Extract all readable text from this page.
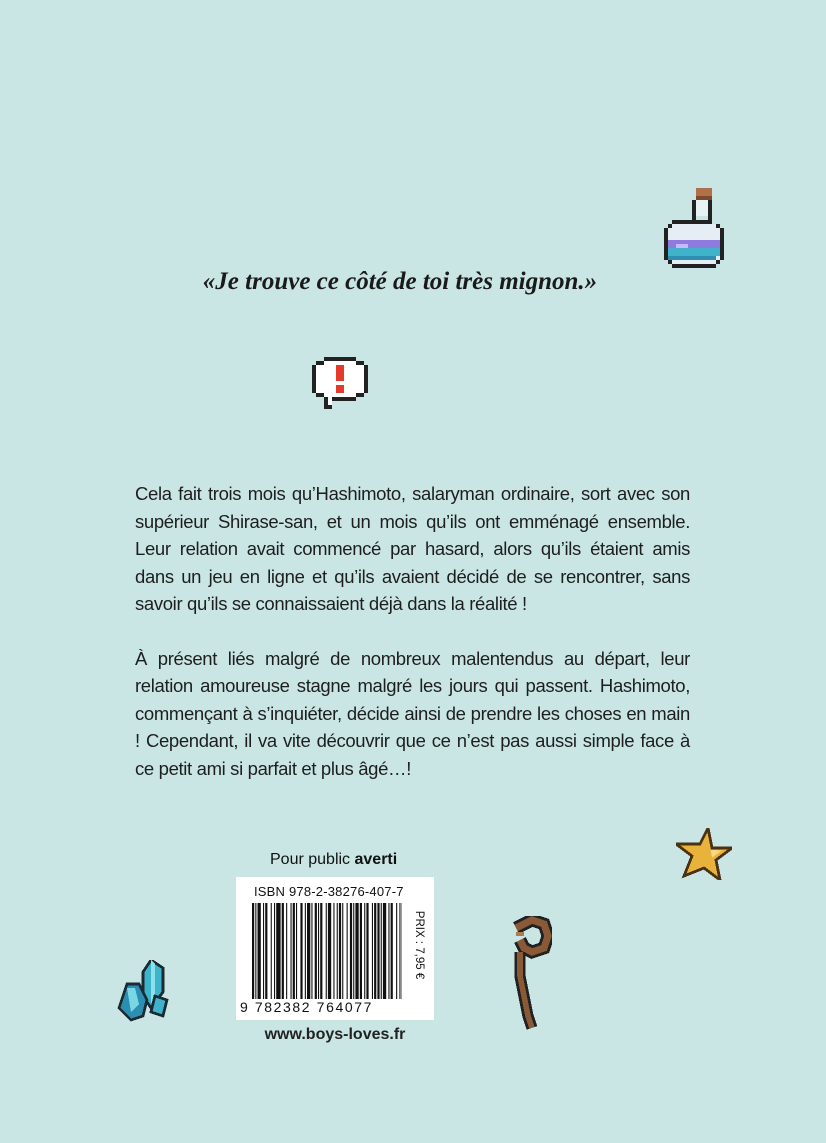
«Je trouve ce côté de toi très mignon.»

Cela fait trois mois qu’Hashimoto, salaryman ordinaire, sort avec son supérieur Shirase-san, et un mois qu’ils ont emménagé ensemble. Leur relation avait commencé par hasard, alors qu’ils étaient amis dans un jeu en ligne et qu’ils avaient décidé de se rencontrer, sans savoir qu’ils se connaissaient déjà dans la réalité !

À présent liés malgré de nombreux malentendus au départ, leur relation amoureuse stagne malgré les jours qui passent. Hashimoto, commençant à s’inquiéter, décide ainsi de prendre les choses en main ! Cependant, il va vite découvrir que ce n’est pas aussi simple face à ce petit ami si parfait et plus âgé…!

Pour public averti
ISBN 978-2-38276-407-7
9 782382 764077
PRIX : 7,95 €
www.boys-loves.fr
